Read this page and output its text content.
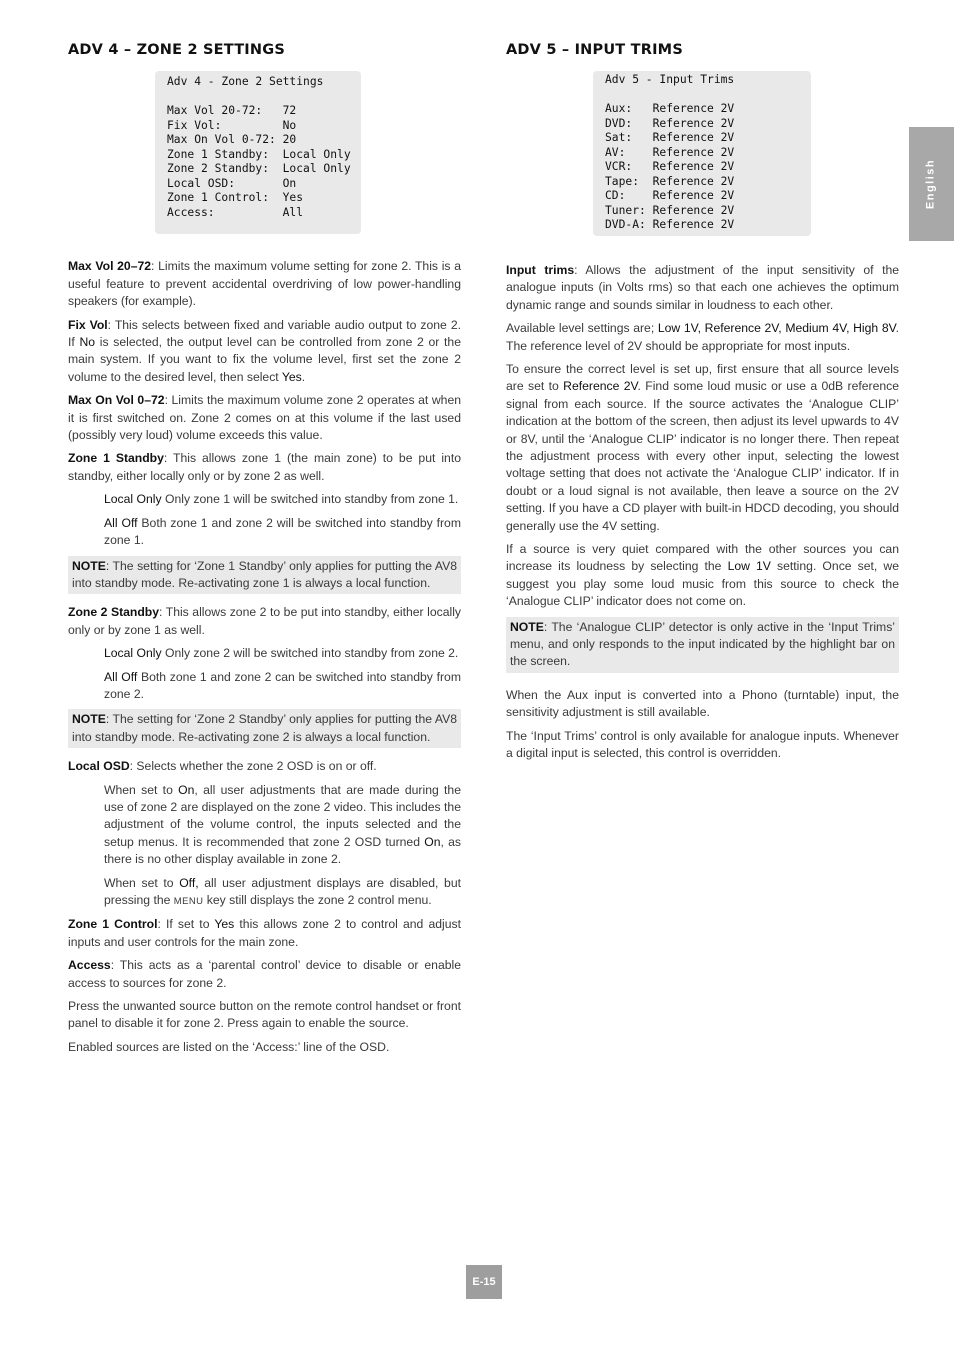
ADV 4 – ZONE 2 SETTINGS
Adv 4 - Zone 2 Settings
Max Vol 20-72:   72
Fix Vol:         No
Max On Vol 0-72: 20
Zone 1 Standby:  Local Only
Zone 2 Standby:  Local Only
Local OSD:       On
Zone 1 Control:  Yes
Access:          All

Max Vol 20–72: Limits the maximum volume setting for zone 2. This is a useful feature to prevent accidental overdriving of low power-handling speakers (for example).

Fix Vol: This selects between fixed and variable audio output to zone 2. If No is selected, the output level can be controlled from zone 2 or the main system. If you want to fix the volume level, first set the zone 2 volume to the desired level, then select Yes.

Max On Vol 0–72: Limits the maximum volume zone 2 operates at when it is first switched on. Zone 2 comes on at this volume if the last used (possibly very loud) volume exceeds this value.

Zone 1 Standby: This allows zone 1 (the main zone) to be put into standby, either locally only or by zone 2 as well.

Local Only Only zone 1 will be switched into standby from zone 1.

All Off Both zone 1 and zone 2 will be switched into standby from zone 1.

NOTE: The setting for ‘Zone 1 Standby’ only applies for putting the AV8 into standby mode. Re-activating zone 1 is always a local function.

Zone 2 Standby: This allows zone 2 to be put into standby, either locally only or by zone 1 as well.

Local Only Only zone 2 will be switched into standby from zone 2.

All Off Both zone 1 and zone 2 can be switched into standby from zone 2.

NOTE: The setting for ‘Zone 2 Standby’ only applies for putting the AV8 into standby mode. Re-activating zone 2 is always a local function.

Local OSD: Selects whether the zone 2 OSD is on or off.

When set to On, all user adjustments that are made during the use of zone 2 are displayed on the zone 2 video. This includes the adjustment of the volume control, the inputs selected and the setup menus. It is recommended that zone 2 OSD turned On, as there is no other display available in zone 2.

When set to Off, all user adjustment displays are disabled, but pressing the MENU key still displays the zone 2 control menu.

Zone 1 Control: If set to Yes this allows zone 2 to control and adjust inputs and user controls for the main zone.

Access: This acts as a ‘parental control’ device to disable or enable access to sources for zone 2.

Press the unwanted source button on the remote control handset or front panel to disable it for zone 2. Press again to enable the source.

Enabled sources are listed on the ‘Access:’ line of the OSD.

ADV 5 – INPUT TRIMS
Adv 5 - Input Trims
Aux:   Reference 2V
DVD:   Reference 2V
Sat:   Reference 2V
AV:    Reference 2V
VCR:   Reference 2V
Tape:  Reference 2V
CD:    Reference 2V
Tuner: Reference 2V
DVD-A: Reference 2V

Input trims: Allows the adjustment of the input sensitivity of the analogue inputs (in Volts rms) so that each one achieves the optimum dynamic range and sounds similar in loudness to each other.

Available level settings are; Low 1V, Reference 2V, Medium 4V, High 8V. The reference level of 2V should be appropriate for most inputs.

To ensure the correct level is set up, first ensure that all source levels are set to Reference 2V. Find some loud music or use a 0dB reference signal from each source. If the source activates the ‘Analogue CLIP’ indication at the bottom of the screen, then adjust its level upwards to 4V or 8V, until the ‘Analogue CLIP’ indicator is no longer there. Then repeat the adjustment process with every other input, selecting the lowest voltage setting that does not activate the ‘Analogue CLIP’ indicator. If in doubt or a loud signal is not available, then leave a source on the 2V setting. If you have a CD player with built-in HDCD decoding, you should generally use the 4V setting.

If a source is very quiet compared with the other sources you can increase its loudness by selecting the Low 1V setting. Once set, we suggest you play some loud music from this source to check the ‘Analogue CLIP’ indicator does not come on.

NOTE: The ‘Analogue CLIP’ detector is only active in the ‘Input Trims’ menu, and only responds to the input indicated by the highlight bar on the screen.

When the Aux input is converted into a Phono (turntable) input, the sensitivity adjustment is still available.

The ‘Input Trims’ control is only available for analogue inputs. Whenever a digital input is selected, this control is overridden.

English
E-15
